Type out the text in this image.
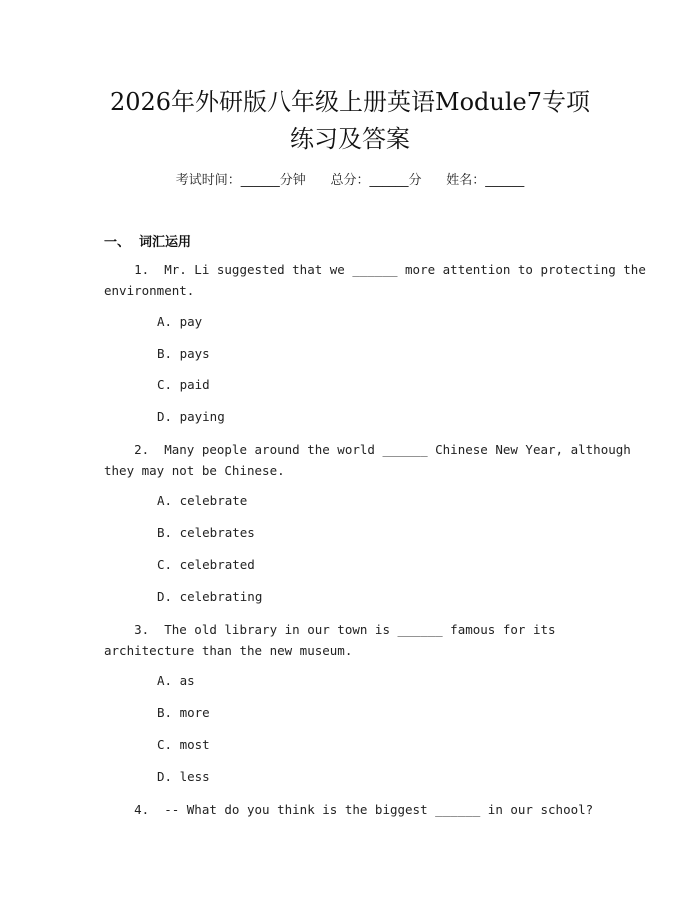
2026年外研版八年级上册英语Module7专项
练习及答案
考试时间：______分钟      总分：______分      姓名：______
一、 词汇运用
1.  Mr. Li suggested that we ______ more attention to protecting the
environment.
A. pay
B. pays
C. paid
D. paying
2.  Many people around the world ______ Chinese New Year, although
they may not be Chinese.
A. celebrate
B. celebrates
C. celebrated
D. celebrating
3.  The old library in our town is ______ famous for its
architecture than the new museum.
A. as
B. more
C. most
D. less
4.  -- What do you think is the biggest ______ in our school?
